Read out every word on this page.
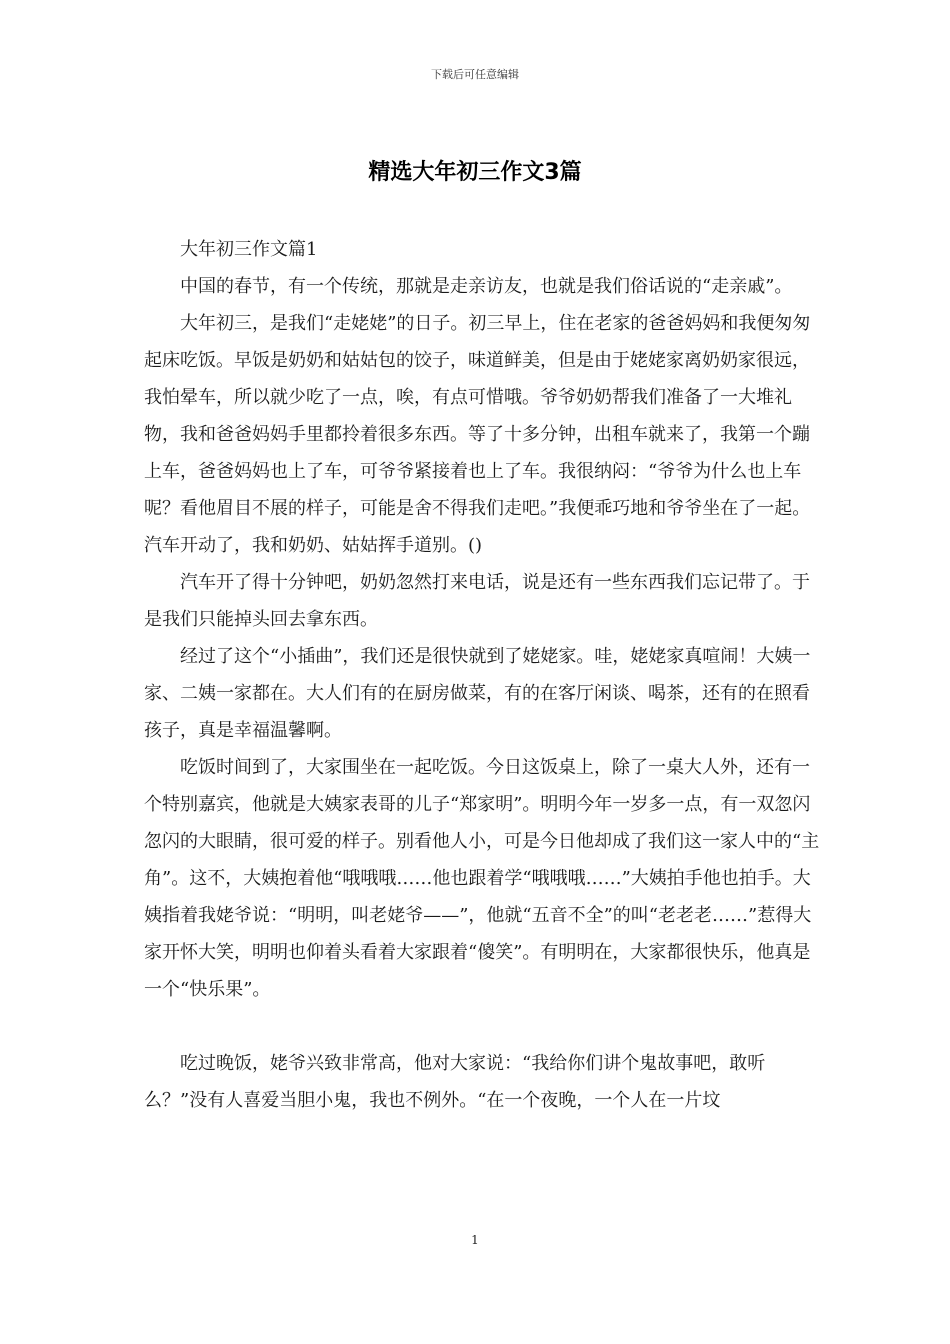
下载后可任意编辑
精选大年初三作文3篇

大年初三作文篇1

中国的春节，有一个传统，那就是走亲访友，也就是我们俗话说的“走亲戚”。

大年初三，是我们“走姥姥”的日子。初三早上，住在老家的爸爸妈妈和我便匆匆起床吃饭。早饭是奶奶和姑姑包的饺子，味道鲜美，但是由于姥姥家离奶奶家很远，我怕晕车，所以就少吃了一点，唉，有点可惜哦。爷爷奶奶帮我们准备了一大堆礼物，我和爸爸妈妈手里都拎着很多东西。等了十多分钟，出租车就来了，我第一个蹦上车，爸爸妈妈也上了车，可爷爷紧接着也上了车。我很纳闷：“爷爷为什么也上车呢？看他眉目不展的样子，可能是舍不得我们走吧。”我便乖巧地和爷爷坐在了一起。汽车开动了，我和奶奶、姑姑挥手道别。()

汽车开了得十分钟吧，奶奶忽然打来电话，说是还有一些东西我们忘记带了。于是我们只能掉头回去拿东西。

经过了这个“小插曲”，我们还是很快就到了姥姥家。哇，姥姥家真喧闹！大姨一家、二姨一家都在。大人们有的在厨房做菜，有的在客厅闲谈、喝茶，还有的在照看孩子，真是幸福温馨啊。

吃饭时间到了，大家围坐在一起吃饭。今日这饭桌上，除了一桌大人外，还有一个特别嘉宾，他就是大姨家表哥的儿子“郑家明”。明明今年一岁多一点，有一双忽闪忽闪的大眼睛，很可爱的样子。别看他人小，可是今日他却成了我们这一家人中的“主角”。这不，大姨抱着他“哦哦哦……他也跟着学“哦哦哦……”大姨拍手他也拍手。大姨指着我姥爷说：“明明，叫老姥爷——”，他就“五音不全”的叫“老老老……”惹得大家开怀大笑，明明也仰着头看着大家跟着“傻笑”。有明明在，大家都很快乐，他真是一个“快乐果”。

吃过晚饭，姥爷兴致非常高，他对大家说：“我给你们讲个鬼故事吧，敢听么？”没有人喜爱当胆小鬼，我也不例外。“在一个夜晚，一个人在一片坟

1
